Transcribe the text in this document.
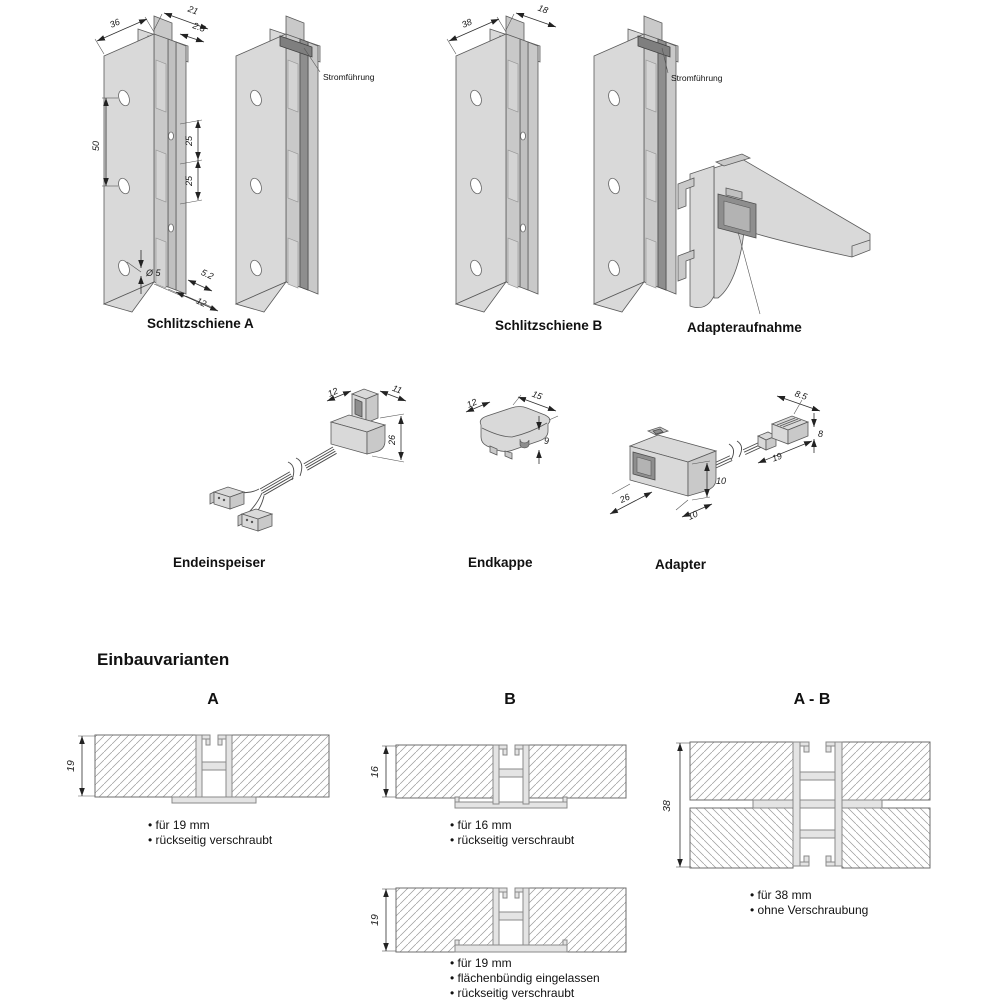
36
21
2.5
50	25
25
Ø 5	5.2
12
Stromführung
38
18
Stromführung
12	11
26
12
15
9
8.5
8
19
10
10
26
19
16
19
38
Schlitzschiene A	Schlitzschiene B	Adapteraufnahme
Endeinspeiser	Endkappe	Adapter
Einbauvarianten
A	B	A - B
• für 19 mm
• rückseitig verschraubt
• für 16 mm
• rückseitig verschraubt
• für 19 mm
• flächenbündig eingelassen
• rückseitig verschraubt
• für 38 mm
• ohne Verschraubung
